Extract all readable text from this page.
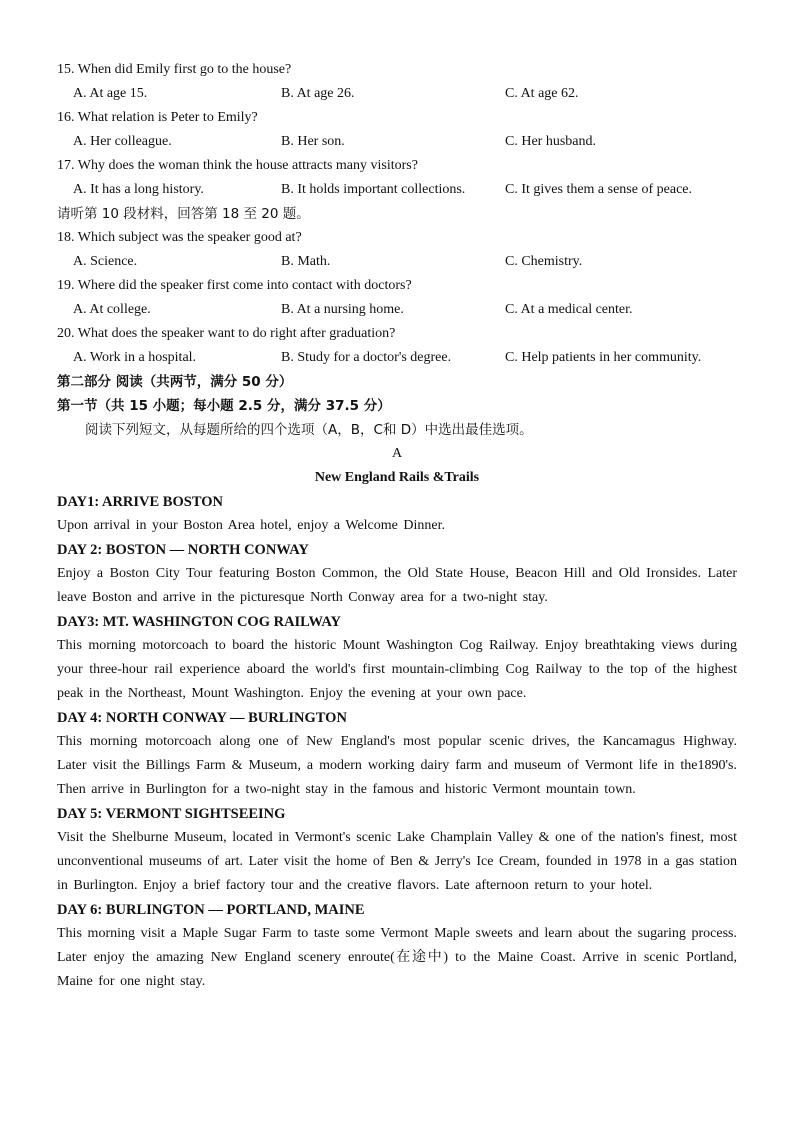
15. When did Emily first go to the house?
A. At age 15.	B. At age 26.	C. At age 62.
16. What relation is Peter to Emily?
A. Her colleague.	B. Her son.	C. Her husband.
17. Why does the woman think the house attracts many visitors?
A. It has a long history.	B. It holds important collections.	C. It gives them a sense of peace.
请听第 10 段材料，回答第 18 至 20 题。
18. Which subject was the speaker good at?
A. Science.	B. Math.	C. Chemistry.
19. Where did the speaker first come into contact with doctors?
A. At college.	B. At a nursing home.	C. At a medical center.
20. What does the speaker want to do right after graduation?
A. Work in a hospital.	B. Study for a doctor's degree.	C. Help patients in her community.
第二部分 阅读（共两节，满分 50 分）
第一节（共 15 小题；每小题 2.5 分，满分 37.5 分）
阅读下列短文，从每题所给的四个选项（A，B，C和 D）中选出最佳选项。
A
New England Rails &Trails
DAY1: ARRIVE BOSTON
Upon arrival in your Boston Area hotel, enjoy a Welcome Dinner.
DAY 2: BOSTON — NORTH CONWAY
Enjoy a Boston City Tour featuring Boston Common, the Old State House, Beacon Hill and Old Ironsides. Later leave Boston and arrive in the picturesque North Conway area for a two-night stay.
DAY3: MT. WASHINGTON COG RAILWAY
This morning motorcoach to board the historic Mount Washington Cog Railway. Enjoy breathtaking views during your three-hour rail experience aboard the world's first mountain-climbing Cog Railway to the top of the highest peak in the Northeast, Mount Washington. Enjoy the evening at your own pace.
DAY 4: NORTH CONWAY — BURLINGTON
This morning motorcoach along one of New England's most popular scenic drives, the Kancamagus Highway. Later visit the Billings Farm & Museum, a modern working dairy farm and museum of Vermont life in the1890's. Then arrive in Burlington for a two-night stay in the famous and historic Vermont mountain town.
DAY 5: VERMONT SIGHTSEEING
Visit the Shelburne Museum, located in Vermont's scenic Lake Champlain Valley & one of the nation's finest, most unconventional museums of art. Later visit the home of Ben & Jerry's Ice Cream, founded in 1978 in a gas station in Burlington. Enjoy a brief factory tour and the creative flavors. Late afternoon return to your hotel.
DAY 6: BURLINGTON — PORTLAND, MAINE
This morning visit a Maple Sugar Farm to taste some Vermont Maple sweets and learn about the sugaring process. Later enjoy the amazing New England scenery enroute(在途中) to the Maine Coast. Arrive in scenic Portland, Maine for one night stay.
